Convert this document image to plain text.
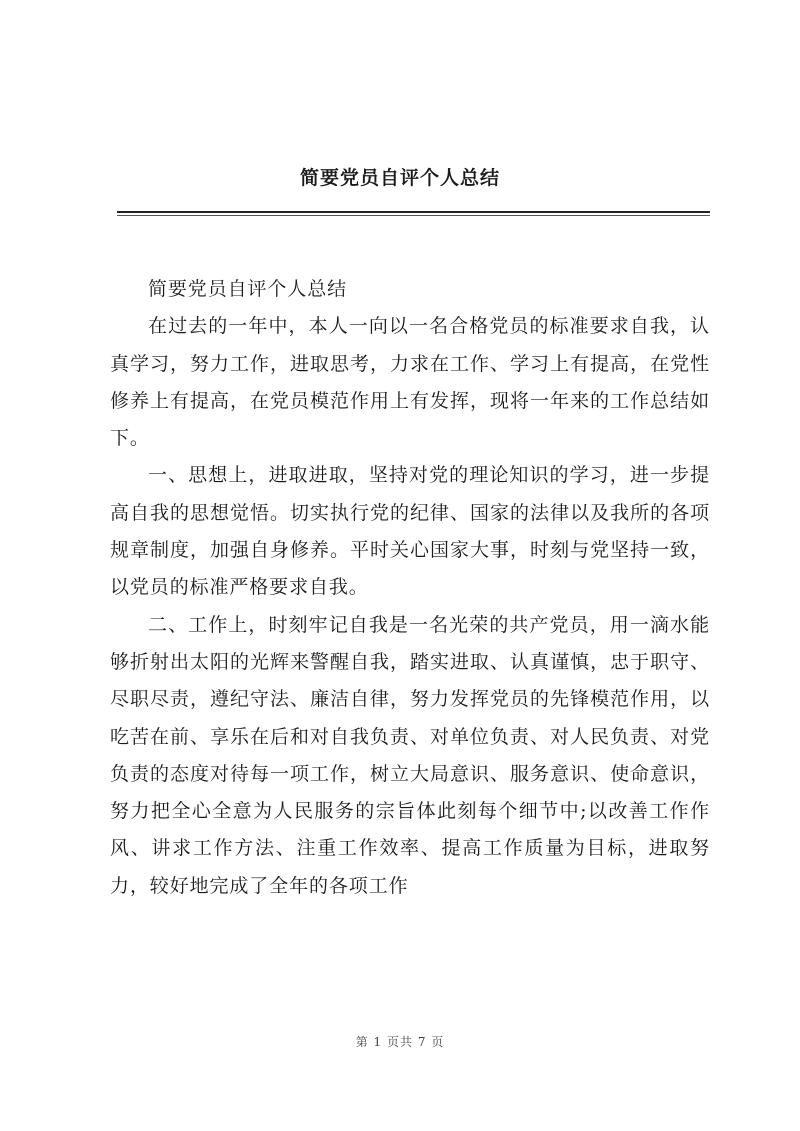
简要党员自评个人总结

简要党员自评个人总结

在过去的一年中，本人一向以一名合格党员的标准要求自我，认真学习，努力工作，进取思考，力求在工作、学习上有提高，在党性修养上有提高，在党员模范作用上有发挥，现将一年来的工作总结如下。

一、思想上，进取进取，坚持对党的理论知识的学习，进一步提高自我的思想觉悟。切实执行党的纪律、国家的法律以及我所的各项规章制度，加强自身修养。平时关心国家大事，时刻与党坚持一致，以党员的标准严格要求自我。

二、工作上，时刻牢记自我是一名光荣的共产党员，用一滴水能够折射出太阳的光辉来警醒自我，踏实进取、认真谨慎，忠于职守、尽职尽责，遵纪守法、廉洁自律，努力发挥党员的先锋模范作用，以吃苦在前、享乐在后和对自我负责、对单位负责、对人民负责、对党负责的态度对待每一项工作，树立大局意识、服务意识、使命意识，努力把全心全意为人民服务的宗旨体此刻每个细节中;以改善工作作风、讲求工作方法、注重工作效率、提高工作质量为目标，进取努力，较好地完成了全年的各项工作

第 1 页共 7 页
